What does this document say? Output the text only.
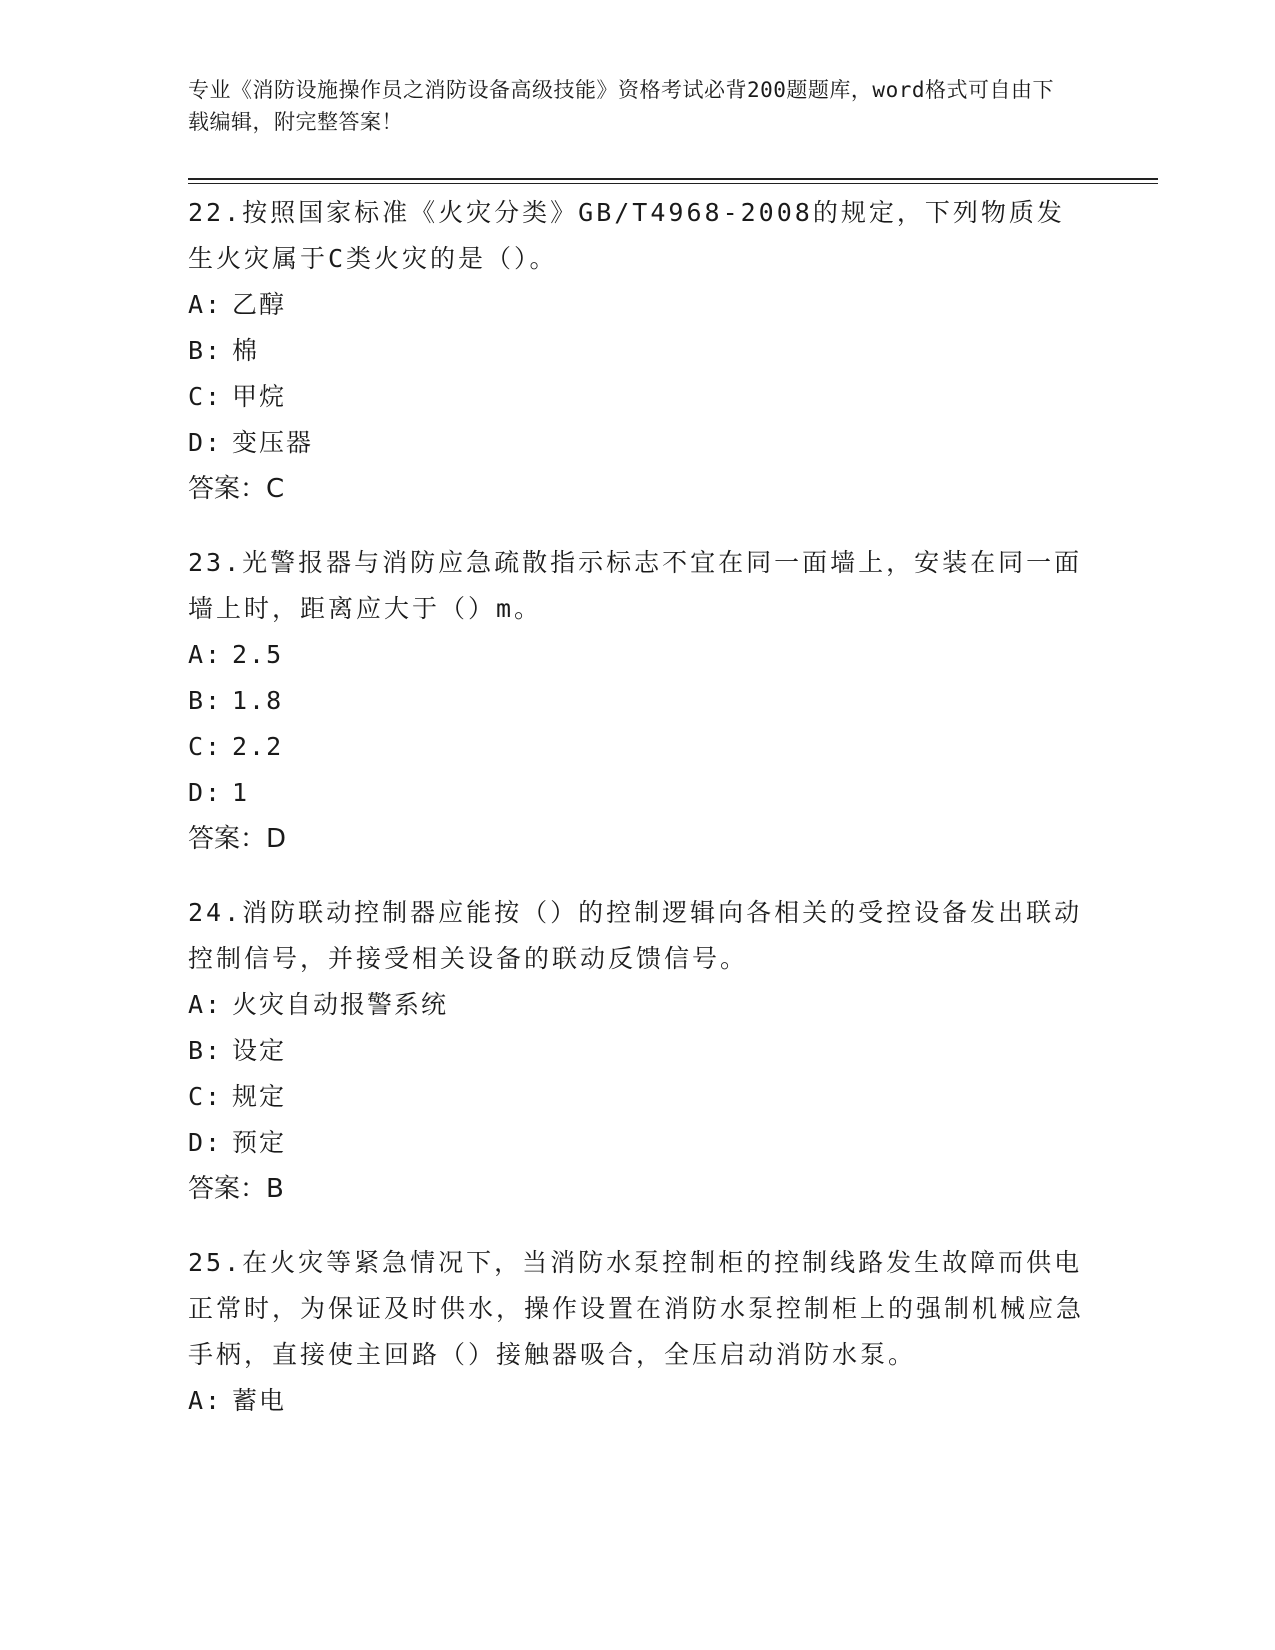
专业《消防设施操作员之消防设备高级技能》资格考试必背200题题库，word格式可自由下载编辑，附完整答案！

22.按照国家标准《火灾分类》GB/T4968-2008的规定，下列物质发生火灾属于C类火灾的是（）。

A: 乙醇

B: 棉

C: 甲烷

D: 变压器

答案：C

23.光警报器与消防应急疏散指示标志不宜在同一面墙上，安装在同一面墙上时，距离应大于（）m。

A: 2.5

B: 1.8

C: 2.2

D: 1

答案：D

24.消防联动控制器应能按（）的控制逻辑向各相关的受控设备发出联动控制信号，并接受相关设备的联动反馈信号。

A: 火灾自动报警系统

B: 设定

C: 规定

D: 预定

答案：B

25.在火灾等紧急情况下，当消防水泵控制柜的控制线路发生故障而供电正常时，为保证及时供水，操作设置在消防水泵控制柜上的强制机械应急手柄，直接使主回路（）接触器吸合，全压启动消防水泵。

A: 蓄电
